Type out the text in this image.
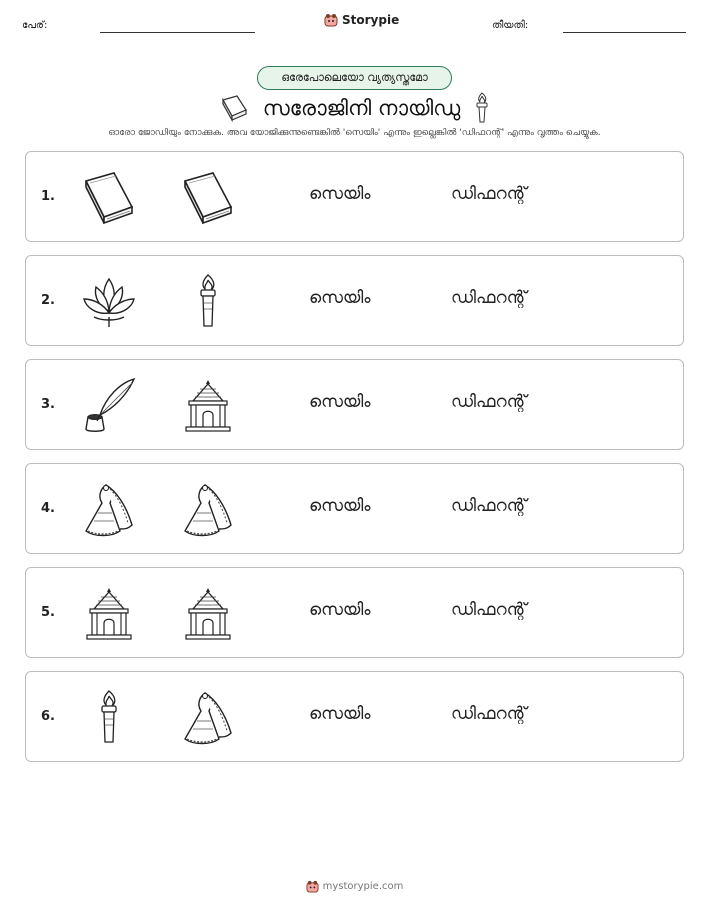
പേര്:	Storypie	തീയതി:
ഒരേപോലെയോ വ്യത്യസ്തമോ
സരോജിനി നായിഡു
ഓരോ ജോഡിയും നോക്കുക. അവ യോജിക്കുന്നുണ്ടെങ്കിൽ 'സെയിം' എന്നും ഇല്ലെങ്കിൽ 'ഡിഫറന്റ്' എന്നും വൃത്തം ചെയ്യുക.
1.	സെയിം	ഡിഫറന്റ്
2.	സെയിം	ഡിഫറന്റ്
3.	സെയിം	ഡിഫറന്റ്
4.	സെയിം	ഡിഫറന്റ്
5.	സെയിം	ഡിഫറന്റ്
6.	സെയിം	ഡിഫറന്റ്
mystorypie.com
